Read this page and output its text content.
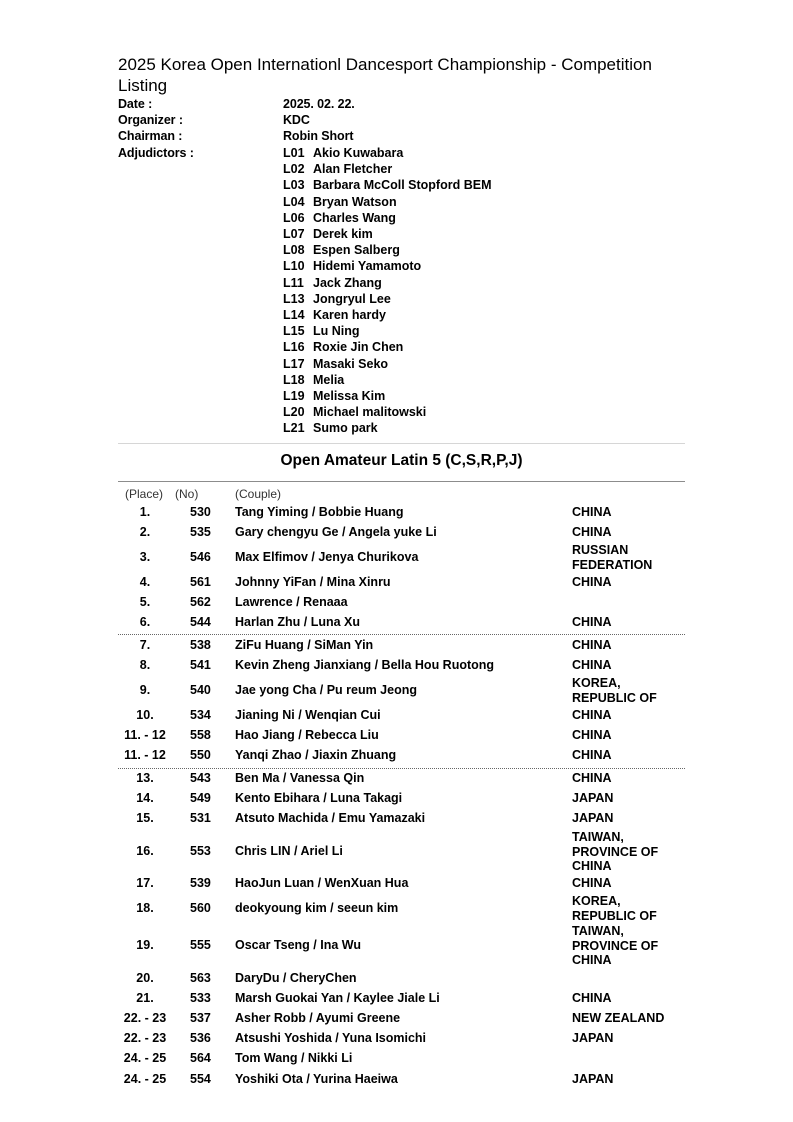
2025 Korea Open Internationl Dancesport Championship - Competition Listing
Date :	2025. 02. 22.
Organizer :	KDC
Chairman :	Robin Short
Adjudictors :	L01 Akio Kuwabara
L02 Alan Fletcher
L03 Barbara McColl Stopford BEM
L04 Bryan Watson
L06 Charles Wang
L07 Derek kim
L08 Espen Salberg
L10 Hidemi Yamamoto
L11 Jack Zhang
L13 Jongryul Lee
L14 Karen hardy
L15 Lu Ning
L16 Roxie Jin Chen
L17 Masaki Seko
L18 Melia
L19 Melissa Kim
L20 Michael malitowski
L21 Sumo park
Open Amateur Latin 5 (C,S,R,P,J)
(Place) (No)	(Couple)
1.	530	Tang Yiming / Bobbie Huang	CHINA
2.	535	Gary chengyu Ge / Angela yuke Li	CHINA
3.	546	Max Elfimov / Jenya Churikova	RUSSIAN FEDERATION
4.	561	Johnny YiFan / Mina Xinru	CHINA
5.	562	Lawrence / Renaaa
6.	544	Harlan Zhu / Luna Xu	CHINA
7.	538	ZiFu Huang / SiMan Yin	CHINA
8.	541	Kevin Zheng Jianxiang / Bella Hou Ruotong	CHINA
9.	540	Jae yong Cha / Pu reum Jeong	KOREA, REPUBLIC OF
10.	534	Jianing Ni / Wenqian Cui	CHINA
11. - 12	558	Hao Jiang / Rebecca Liu	CHINA
11. - 12	550	Yanqi Zhao / Jiaxin Zhuang	CHINA
13.	543	Ben Ma / Vanessa Qin	CHINA
14.	549	Kento Ebihara / Luna Takagi	JAPAN
15.	531	Atsuto Machida / Emu Yamazaki	JAPAN
16.	553	Chris LIN / Ariel Li
TAIWAN, PROVINCE OF CHINA
17.	539	HaoJun Luan / WenXuan Hua	CHINA
18.	560	deokyoung kim / seeun kim	KOREA, REPUBLIC OF
19.	555	Oscar Tseng / Ina Wu
TAIWAN, PROVINCE OF CHINA
20.	563	DaryDu / CheryChen
21.	533	Marsh Guokai Yan / Kaylee Jiale Li	CHINA
22. - 23	537	Asher Robb / Ayumi Greene	NEW ZEALAND
22. - 23	536	Atsushi Yoshida / Yuna Isomichi	JAPAN
24. - 25	564	Tom Wang / Nikki Li
24. - 25	554	Yoshiki Ota / Yurina Haeiwa	JAPAN
